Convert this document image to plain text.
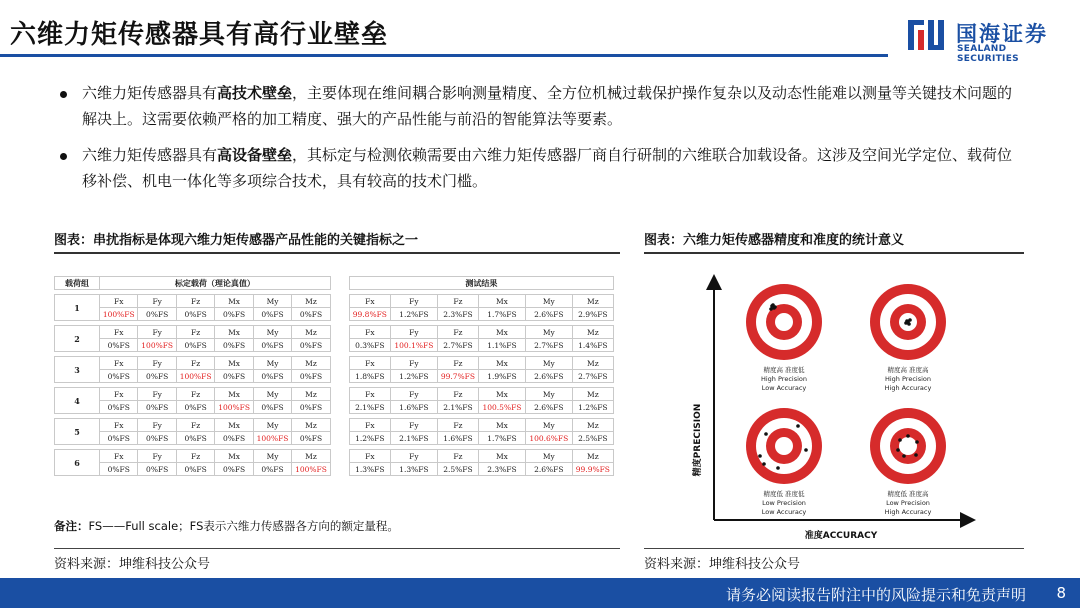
六维力矩传感器具有高行业壁垒	国海证券
SEALAND SECURITIES
六维力矩传感器具有高技术壁垒，主要体现在维间耦合影响测量精度、全方位机械过载保护操作复杂以及动态性能难以测量等关键技术问题的解决上。这需要依赖严格的加工精度、强大的产品性能与前沿的智能算法等要素。
六维力矩传感器具有高设备壁垒，其标定与检测依赖需要由六维力矩传感器厂商自行研制的六维联合加载设备。这涉及空间光学定位、载荷位移补偿、机电一体化等多项综合技术，具有较高的技术门槛。
图表：串扰指标是体现六维力矩传感器产品性能的关键指标之一
载荷组	标定载荷（理论真值）							测试结果					

1	Fx	Fy	Fz	Mx	My	Mz		Fx	Fy	Fz	Mx	My	Mz
	100%FS	0%FS	0%FS	0%FS	0%FS	0%FS		99.8%FS	1.2%FS	2.3%FS	1.7%FS	2.6%FS	2.9%FS

2	Fx	Fy	Fz	Mx	My	Mz		Fx	Fy	Fz	Mx	My	Mz
	0%FS	100%FS	0%FS	0%FS	0%FS	0%FS		0.3%FS	100.1%FS	2.7%FS	1.1%FS	2.7%FS	1.4%FS

3	Fx	Fy	Fz	Mx	My	Mz		Fx	Fy	Fz	Mx	My	Mz
	0%FS	0%FS	100%FS	0%FS	0%FS	0%FS		1.8%FS	1.2%FS	99.7%FS	1.9%FS	2.6%FS	2.7%FS

4	Fx	Fy	Fz	Mx	My	Mz		Fx	Fy	Fz	Mx	My	Mz
	0%FS	0%FS	0%FS	100%FS	0%FS	0%FS		2.1%FS	1.6%FS	2.1%FS	100.5%FS	2.6%FS	1.2%FS

5	Fx	Fy	Fz	Mx	My	Mz		Fx	Fy	Fz	Mx	My	Mz
	0%FS	0%FS	0%FS	0%FS	100%FS	0%FS		1.2%FS	2.1%FS	1.6%FS	1.7%FS	100.6%FS	2.5%FS

6	Fx	Fy	Fz	Mx	My	Mz		Fx	Fy	Fz	Mx	My	Mz
	0%FS	0%FS	0%FS	0%FS	0%FS	100%FS		1.3%FS	1.3%FS	2.5%FS	2.3%FS	2.6%FS	99.9%FS
备注：FS——Full scale；FS表示六维力传感器各方向的额定量程。
资料来源：坤维科技公众号
图表：六维力矩传感器精度和准度的统计意义
精度PRECISION
准度ACCURACY
精度高 准度低
High Precision
Low Accuracy
精度高 准度高
High Precision
High Accuracy
精度低 准度低
Low Precision
Low Accuracy
精度低 准度高
Low Precision
High Accuracy
资料来源：坤维科技公众号
请务必阅读报告附注中的风险提示和免责声明 8
